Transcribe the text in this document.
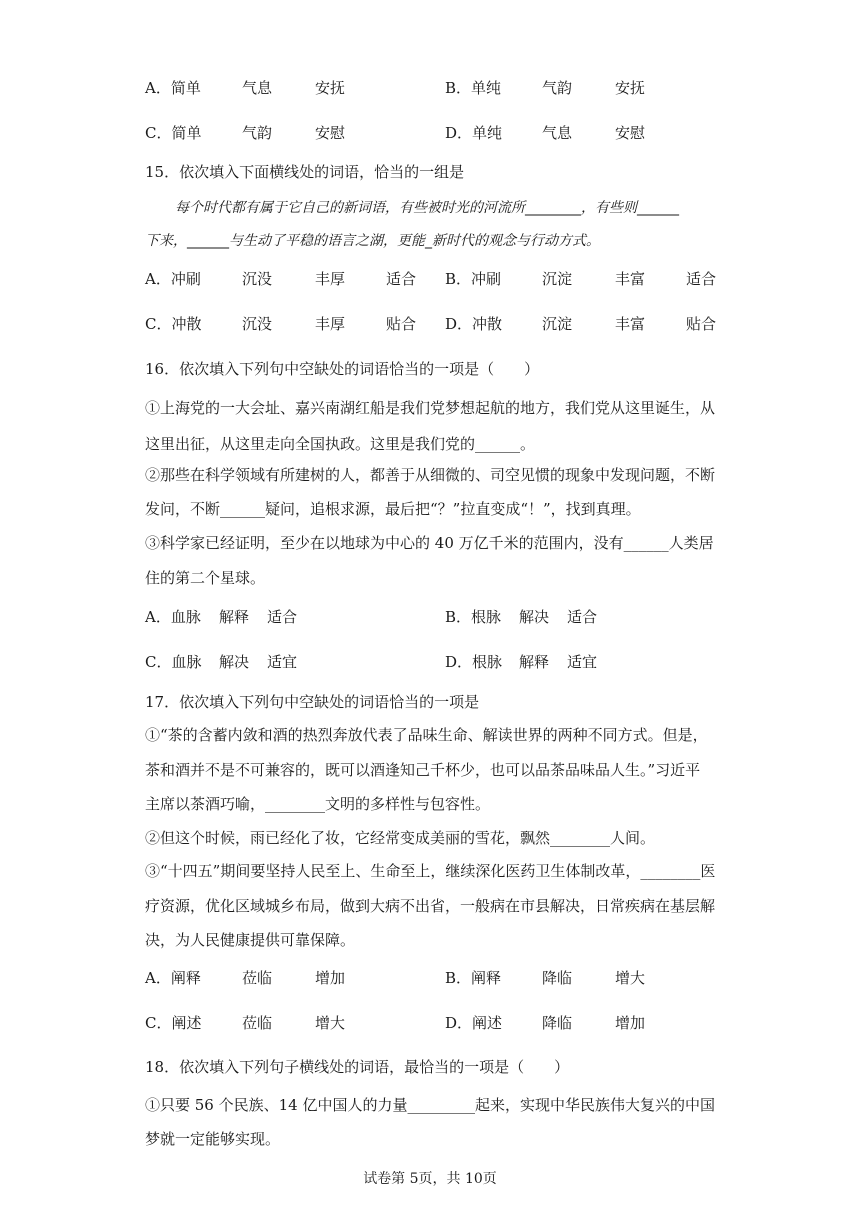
A．简单	气息	安抚	B．单纯	气韵	安抚
C．简单	气韵	安慰	D．单纯	气息	安慰
15．依次填入下面横线处的词语，恰当的一组是
每个时代都有属于它自己的新词语，有些被时光的河流所________，有些则______
下来，______与生动了平稳的语言之湖，更能_新时代的观念与行动方式。
A．冲刷	沉没	丰厚	适合 B．冲刷	沉淀	丰富	适合
C．冲散	沉没	丰厚	贴合 D．冲散	沉淀	丰富	贴合
16．依次填入下列句中空缺处的词语恰当的一项是（　　）
①上海党的一大会址、嘉兴南湖红船是我们党梦想起航的地方，我们党从这里诞生，从
这里出征，从这里走向全国执政。这里是我们党的______。
②那些在科学领域有所建树的人，都善于从细微的、司空见惯的现象中发现问题，不断
发问，不断______疑问，追根求源，最后把“？”拉直变成“！”，找到真理。
③科学家已经证明，至少在以地球为中心的 40 万亿千米的范围内，没有______人类居
住的第二个星球。
A．血脉 解释 适合	B．根脉 解决 适合
C．血脉 解决 适宜	D．根脉 解释 适宜
17．依次填入下列句中空缺处的词语恰当的一项是
①“茶的含蓄内敛和酒的热烈奔放代表了品味生命、解读世界的两种不同方式。但是，
茶和酒并不是不可兼容的，既可以酒逢知己千杯少，也可以品茶品味品人生。”习近平
主席以茶酒巧喻，________文明的多样性与包容性。
②但这个时候，雨已经化了妆，它经常变成美丽的雪花，飘然________人间。
③“十四五”期间要坚持人民至上、生命至上，继续深化医药卫生体制改革，________医
疗资源，优化区域城乡布局，做到大病不出省，一般病在市县解决，日常疾病在基层解
决，为人民健康提供可靠保障。
A．阐释	莅临	增加	B．阐释	降临	增大
C．阐述	莅临	增大	D．阐述	降临	增加
18．依次填入下列句子横线处的词语，最恰当的一项是（　　）
①只要 56 个民族、14 亿中国人的力量_________起来，实现中华民族伟大复兴的中国
梦就一定能够实现。
试卷第 5页，共 10页
